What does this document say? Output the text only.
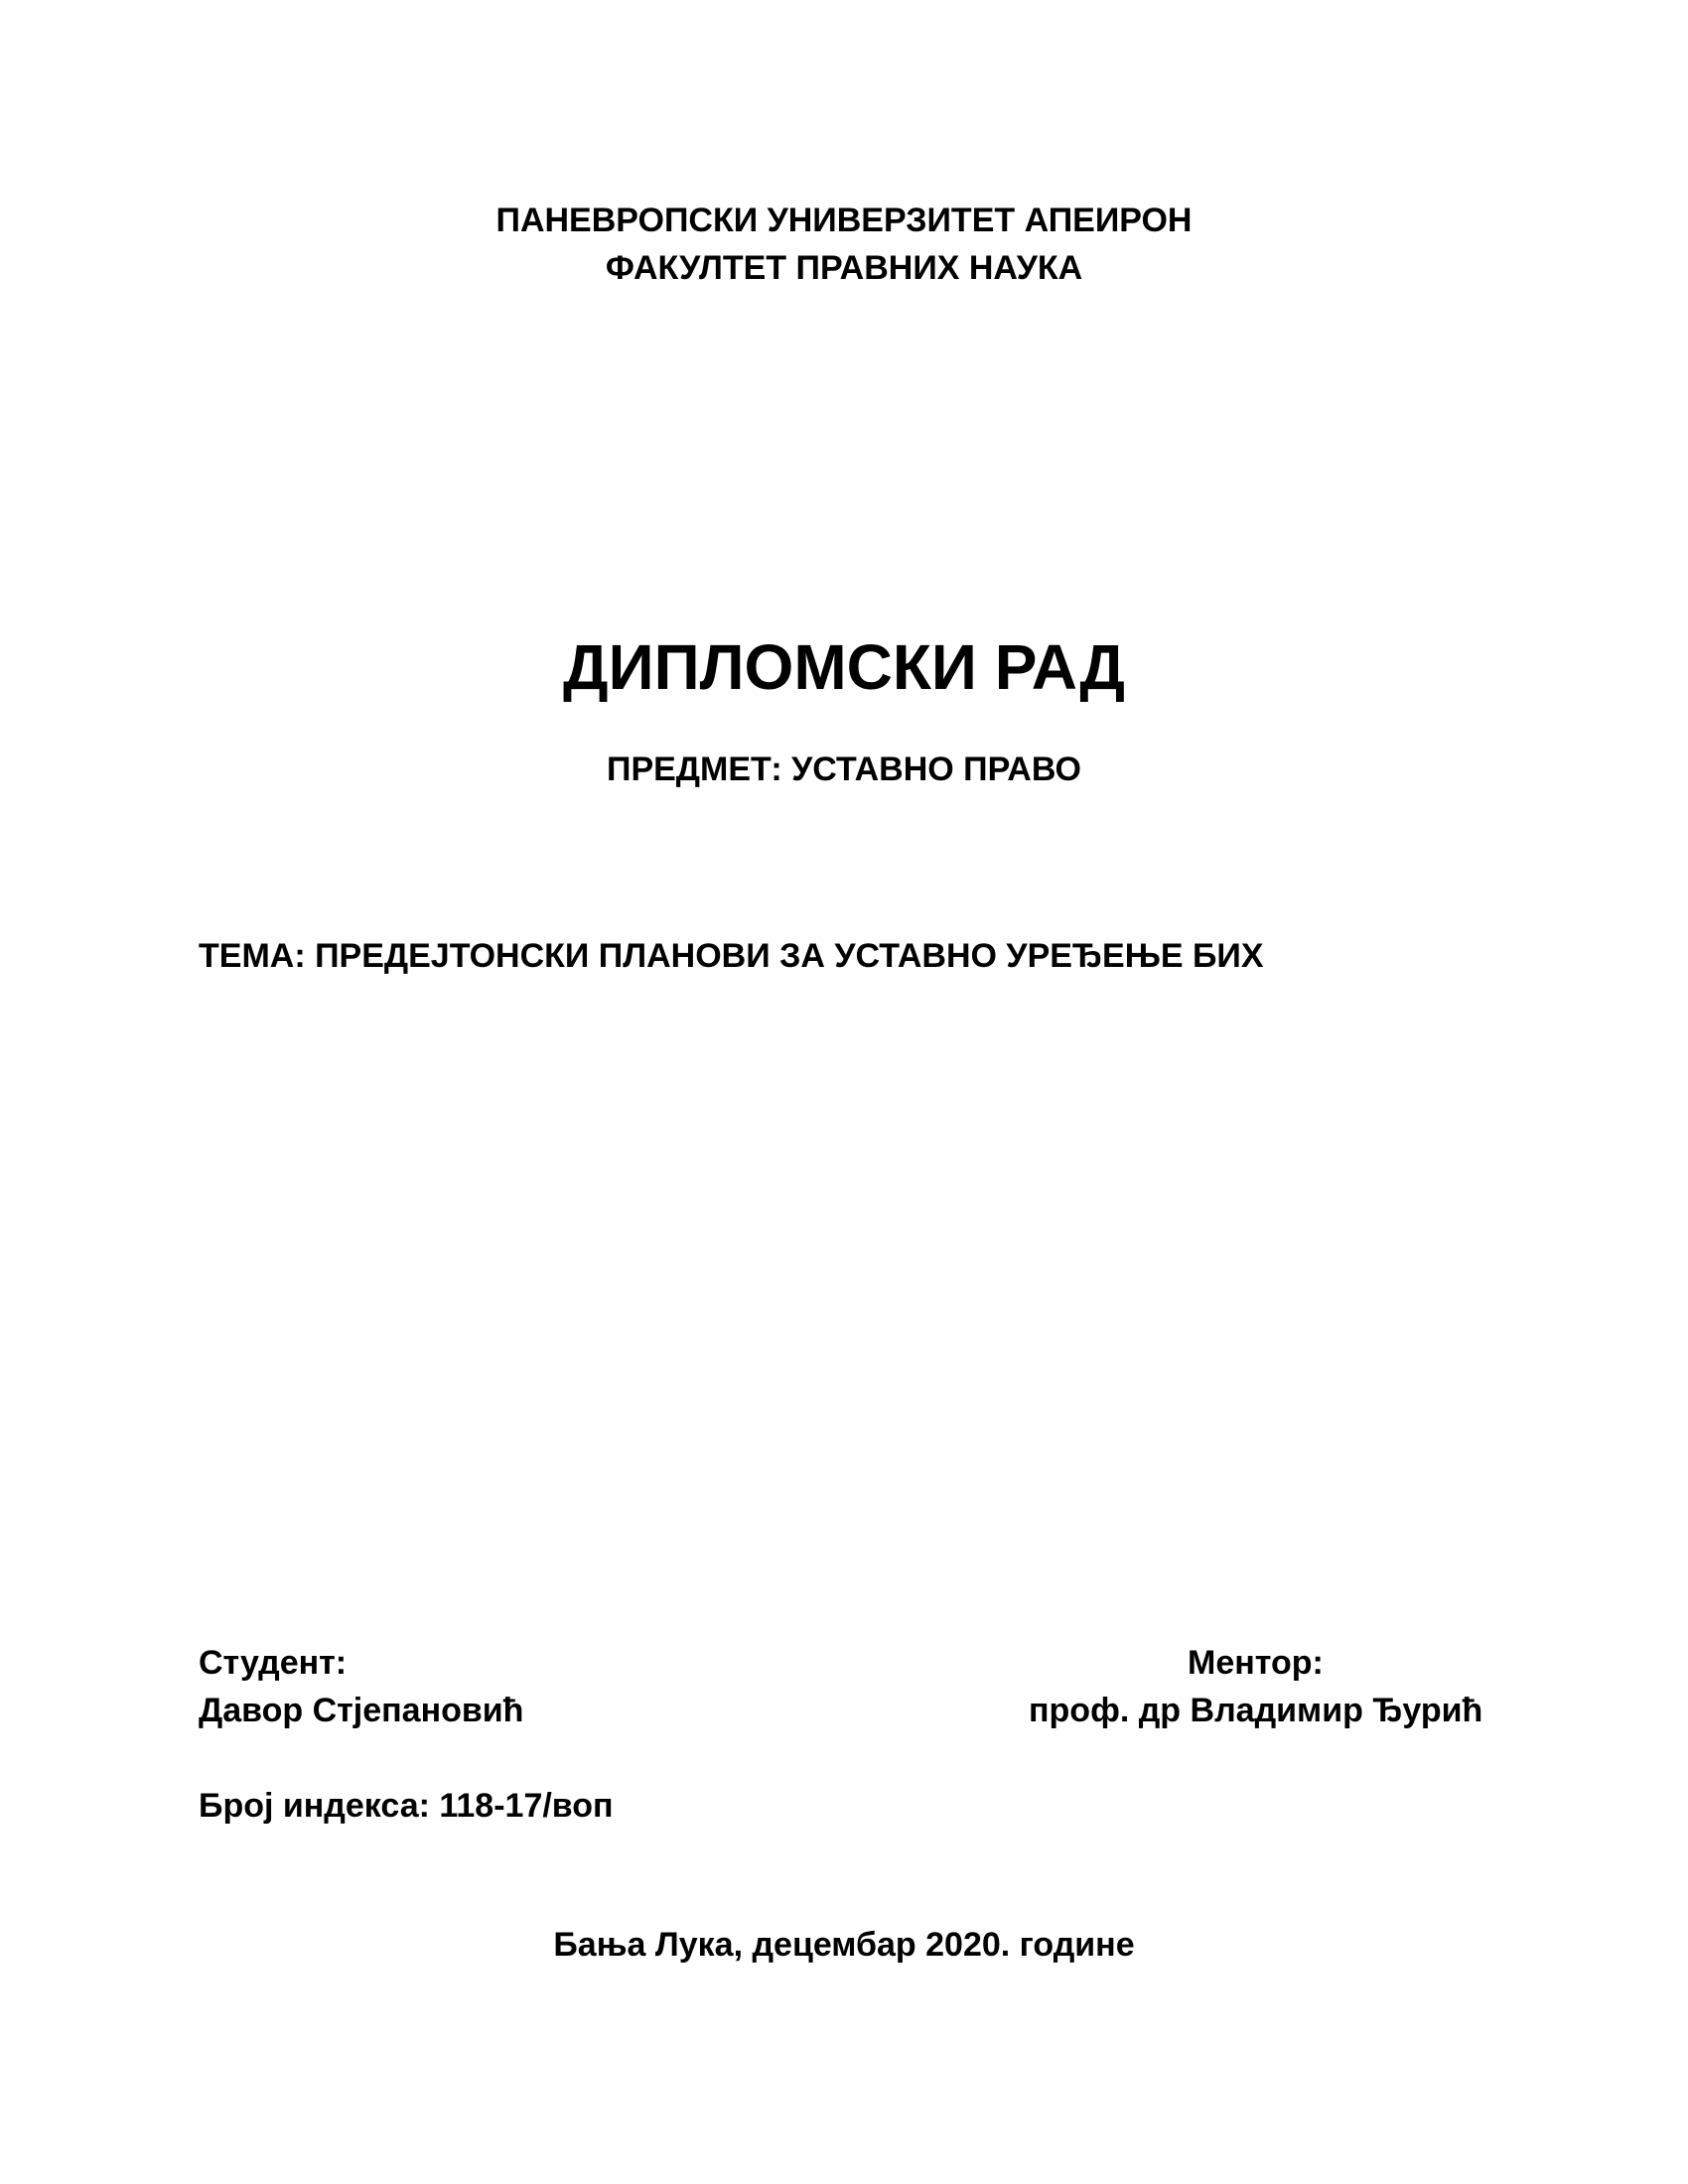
ПАНЕВРОПСКИ УНИВЕРЗИТЕТ АПЕИРОН
ФАКУЛТЕТ ПРАВНИХ НАУКА
ДИПЛОМСКИ РАД
ПРЕДМЕТ: УСТАВНО ПРАВО
ТЕМА: ПРЕДЕЈТОНСКИ ПЛАНОВИ ЗА УСТАВНО УРЕЂЕЊЕ БИХ
Студент:
Давор Стјепановић
Ментор:
проф. др Владимир Ђурић
Број индекса: 118-17/воп
Бања Лука, децембар 2020. године
